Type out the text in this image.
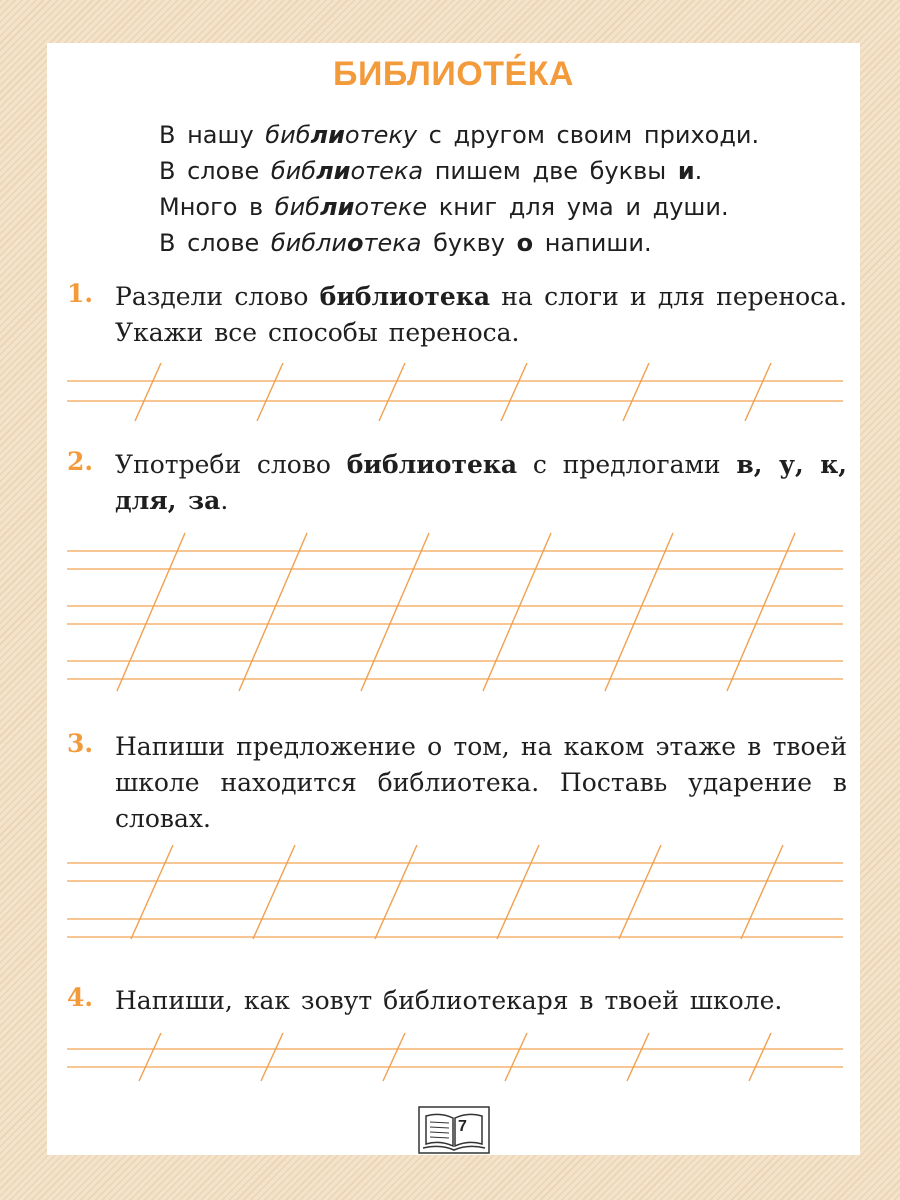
БИБЛИОТЕ́КА
В нашу библиотеку с другом своим приходи.
В слове библиотека пишем две буквы и.
Много в библиотеке книг для ума и души.
В слове библиотека букву о напиши.
1. Раздели слово библиотека на слоги и для переноса. Укажи все способы переноса.
2. Употреби слово библиотека с предлогами в, у, к, для, за.
3. Напиши предложение о том, на каком этаже в твоей школе находится библиотека. Поставь ударение в словах.
4. Напиши, как зовут библиотекаря в твоей школе.
7
